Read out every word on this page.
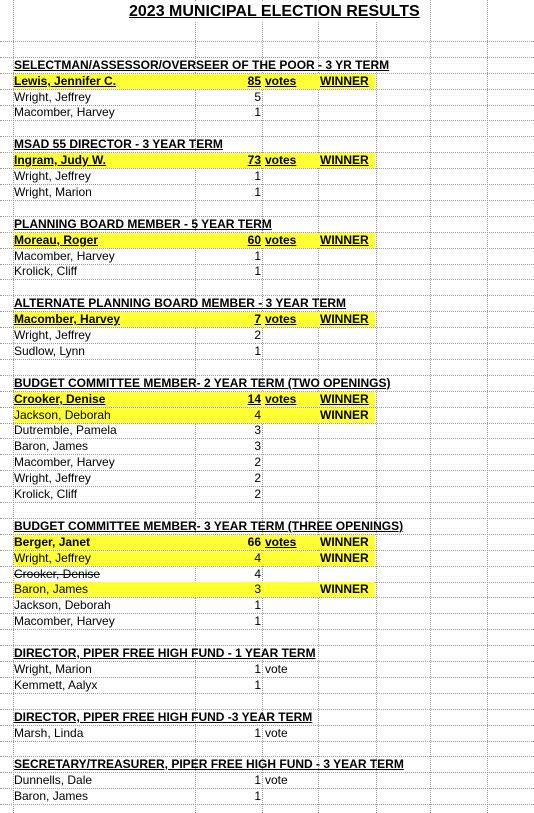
SELECTMAN/ASSESSOR/OVERSEER OF THE POOR - 3 YR TERM
Lewis, Jennifer C.	85 votes WINNER
Wright, Jeffrey	5
Macomber, Harvey	1
MSAD 55 DIRECTOR - 3 YEAR TERM
Ingram, Judy W.	73 votes WINNER
Wright, Jeffrey	1
Wright, Marion	1
PLANNING BOARD MEMBER - 5 YEAR TERM
Moreau, Roger	60 votes WINNER
Macomber, Harvey	1
Krolick, Cliff	1
ALTERNATE PLANNING BOARD MEMBER - 3 YEAR TERM
Macomber, Harvey	7 votes WINNER
Wright, Jeffrey	2
Sudlow, Lynn	1
BUDGET COMMITTEE MEMBER- 2 YEAR TERM (TWO OPENINGS)
Crooker, Denise	14 votes WINNER
Jackson, Deborah	4	WINNER
Dutremble, Pamela	3
Baron, James	3
Macomber, Harvey	2
Wright, Jeffrey	2
Krolick, Cliff	2
BUDGET COMMITTEE MEMBER- 3 YEAR TERM (THREE OPENINGS)
Berger, Janet	66 votes WINNER
Wright, Jeffrey	4	WINNER
Crooker, Denise	4
Baron, James	3	WINNER
Jackson, Deborah	1
Macomber, Harvey	1
DIRECTOR, PIPER FREE HIGH FUND - 1 YEAR TERM
Wright, Marion	1 vote
Kemmett, Aalyx	1
DIRECTOR, PIPER FREE HIGH FUND -3 YEAR TERM
Marsh, Linda	1 vote
SECRETARY/TREASURER, PIPER FREE HIGH FUND - 3 YEAR TERM
Dunnells, Dale	1 vote
Baron, James	1
2023 MUNICIPAL ELECTION RESULTS
